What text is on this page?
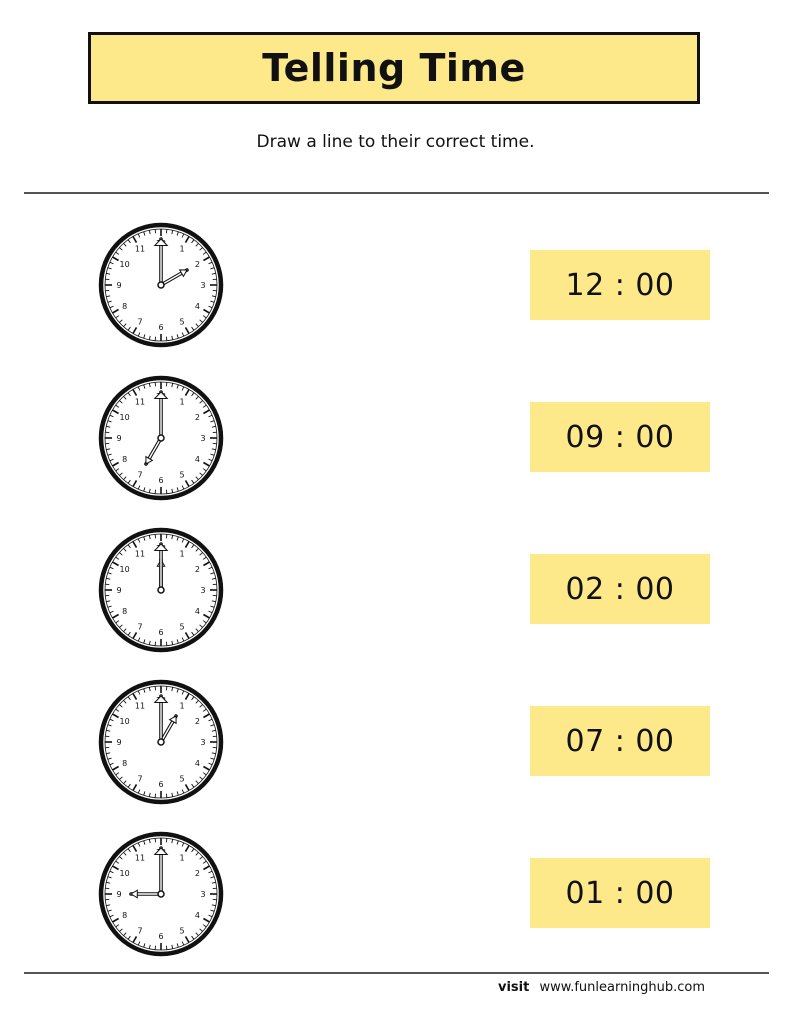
Telling Time
Draw a line to their correct time.
1
2
3
4
5
6
7
8
9
10
11
1
2
3
4
5
6
7
8
9
10
11
1
2
3
4
5
6
7
8
9
10
11
1
2
3
4
5
6
7
8
9
10
11
1
2
3
4
5
6
7
8
9
10
11
12 : 00
09 : 00
02 : 00
07 : 00
01 : 00
visit www.funlearninghub.com
